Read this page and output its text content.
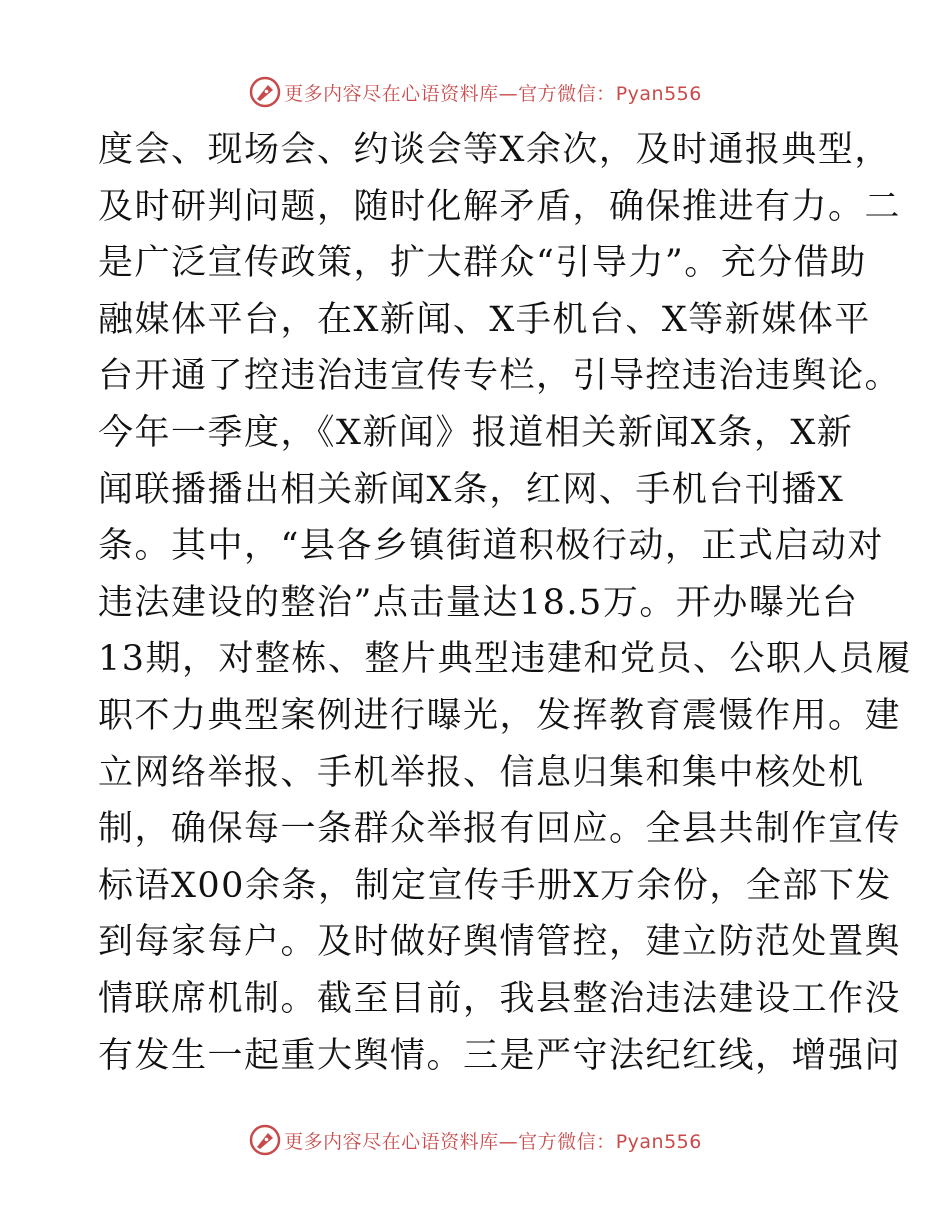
更多内容尽在心语资料库—官方微信：Pyan556
度会、现场会、约谈会等X余次，及时通报典型，
及时研判问题，随时化解矛盾，确保推进有力。二
是广泛宣传政策，扩大群众“引导力”。充分借助
融媒体平台，在X新闻、X手机台、X等新媒体平
台开通了控违治违宣传专栏，引导控违治违舆论。
今年一季度，《X新闻》报道相关新闻X条，X新
闻联播播出相关新闻X条，红网、手机台刊播X
条。其中，“县各乡镇街道积极行动，正式启动对
违法建设的整治”点击量达18.5万。开办曝光台
13期，对整栋、整片典型违建和党员、公职人员履
职不力典型案例进行曝光，发挥教育震慑作用。建
立网络举报、手机举报、信息归集和集中核处机
制，确保每一条群众举报有回应。全县共制作宣传
标语X00余条，制定宣传手册X万余份，全部下发
到每家每户。及时做好舆情管控，建立防范处置舆
情联席机制。截至目前，我县整治违法建设工作没
有发生一起重大舆情。三是严守法纪红线，增强问
更多内容尽在心语资料库—官方微信：Pyan556
